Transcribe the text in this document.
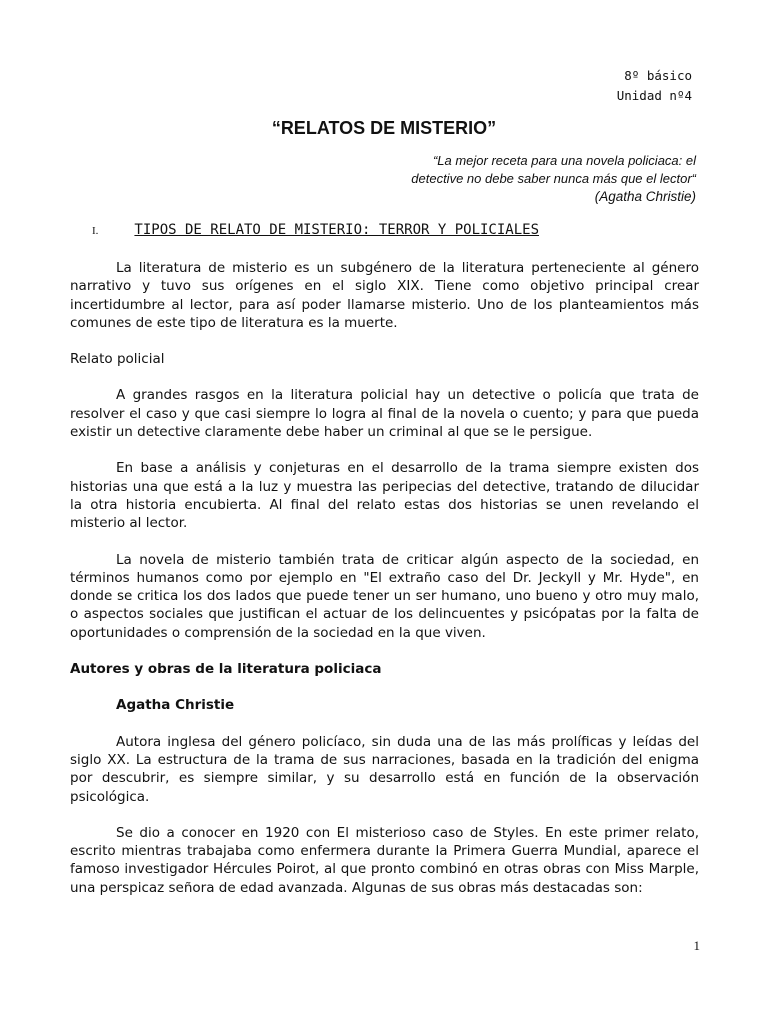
8º básico
Unidad nº4
“RELATOS DE MISTERIO”
“La mejor receta para una novela policiaca: el
detective no debe saber nunca más que el lector“
(Agatha Christie)
I.	TIPOS DE RELATO DE MISTERIO: TERROR Y POLICIALES

La literatura de misterio es un subgénero de la literatura perteneciente al género narrativo y tuvo sus orígenes en el siglo XIX. Tiene como objetivo principal crear incertidumbre al lector, para así poder llamarse misterio. Uno de los planteamientos más comunes de este tipo de literatura es la muerte.

Relato policial

A grandes rasgos en la literatura policial hay un detective o policía que trata de resolver el caso y que casi siempre lo logra al final de la novela o cuento; y para que pueda existir un detective claramente debe haber un criminal al que se le persigue.

En base a análisis y conjeturas en el desarrollo de la trama siempre existen dos historias una que está a la luz y muestra las peripecias del detective, tratando de dilucidar la otra historia encubierta. Al final del relato estas dos historias se unen revelando el misterio al lector.

La novela de misterio también trata de criticar algún aspecto de la sociedad, en términos humanos como por ejemplo en "El extraño caso del Dr. Jeckyll y Mr. Hyde", en donde se critica los dos lados que puede tener un ser humano, uno bueno y otro muy malo, o aspectos sociales que justifican el actuar de los delincuentes y psicópatas por la falta de oportunidades o comprensión de la sociedad en la que viven.

Autores y obras de la literatura policiaca

Agatha Christie

Autora inglesa del género policíaco, sin duda una de las más prolíficas y leídas del siglo XX. La estructura de la trama de sus narraciones, basada en la tradición del enigma por descubrir, es siempre similar, y su desarrollo está en función de la observación psicológica.

Se dio a conocer en 1920 con El misterioso caso de Styles. En este primer relato, escrito mientras trabajaba como enfermera durante la Primera Guerra Mundial, aparece el famoso investigador Hércules Poirot, al que pronto combinó en otras obras con Miss Marple, una perspicaz señora de edad avanzada. Algunas de sus obras más destacadas son:

1
